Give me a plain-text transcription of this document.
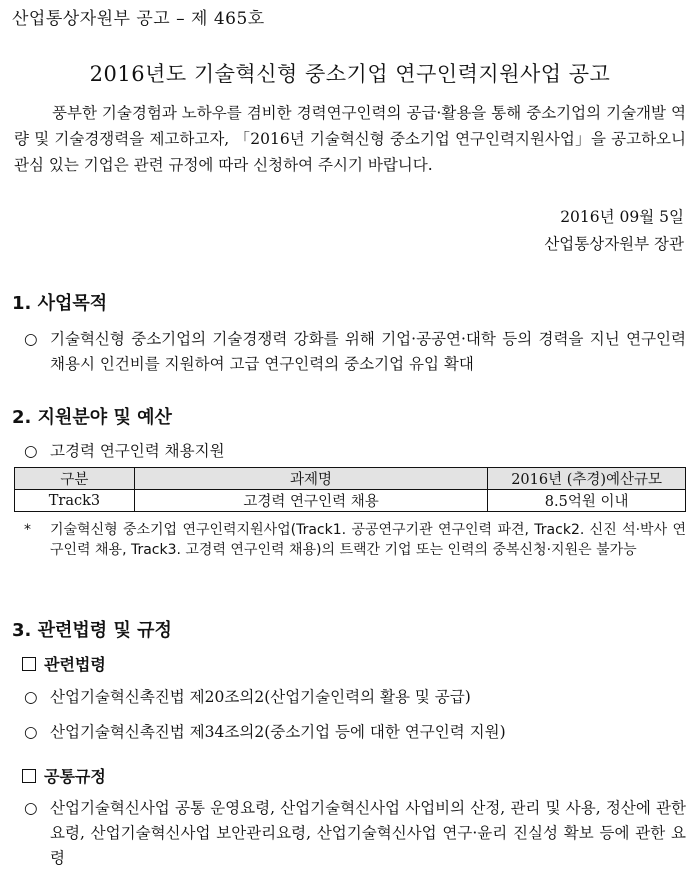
산업통상자원부 공고 – 제 465호
2016년도 기술혁신형 중소기업 연구인력지원사업 공고
풍부한 기술경험과 노하우를 겸비한 경력연구인력의 공급·활용을 통해 중소기업의 기술개발 역량 및 기술경쟁력을 제고하고자, 「2016년 기술혁신형 중소기업 연구인력지원사업」을 공고하오니 관심 있는 기업은 관련 규정에 따라 신청하여 주시기 바랍니다.
2016년 09월 5일
산업통상자원부 장관
1. 사업목적
○ 기술혁신형 중소기업의 기술경쟁력 강화를 위해 기업·공공연·대학 등의 경력을 지닌 연구인력 채용시 인건비를 지원하여 고급 연구인력의 중소기업 유입 확대
2. 지원분야 및 예산
○ 고경력 연구인력 채용지원
구분	과제명	2016년 (추경)예산규모
Track3	고경력 연구인력 채용	8.5억원 이내
*	기술혁신형 중소기업 연구인력지원사업(Track1. 공공연구기관 연구인력 파견, Track2. 신진 석·박사 연구인력 채용, Track3. 고경력 연구인력 채용)의 트랙간 기업 또는 인력의 중복신청·지원은 불가능
3. 관련법령 및 규정
관련법령
○ 산업기술혁신촉진법 제20조의2(산업기술인력의 활용 및 공급)
○ 산업기술혁신촉진법 제34조의2(중소기업 등에 대한 연구인력 지원)
공통규정
○ 산업기술혁신사업 공통 운영요령, 산업기술혁신사업 사업비의 산정, 관리 및 사용, 정산에 관한 요령, 산업기술혁신사업 보안관리요령, 산업기술혁신사업 연구·윤리 진실성 확보 등에 관한 요령
